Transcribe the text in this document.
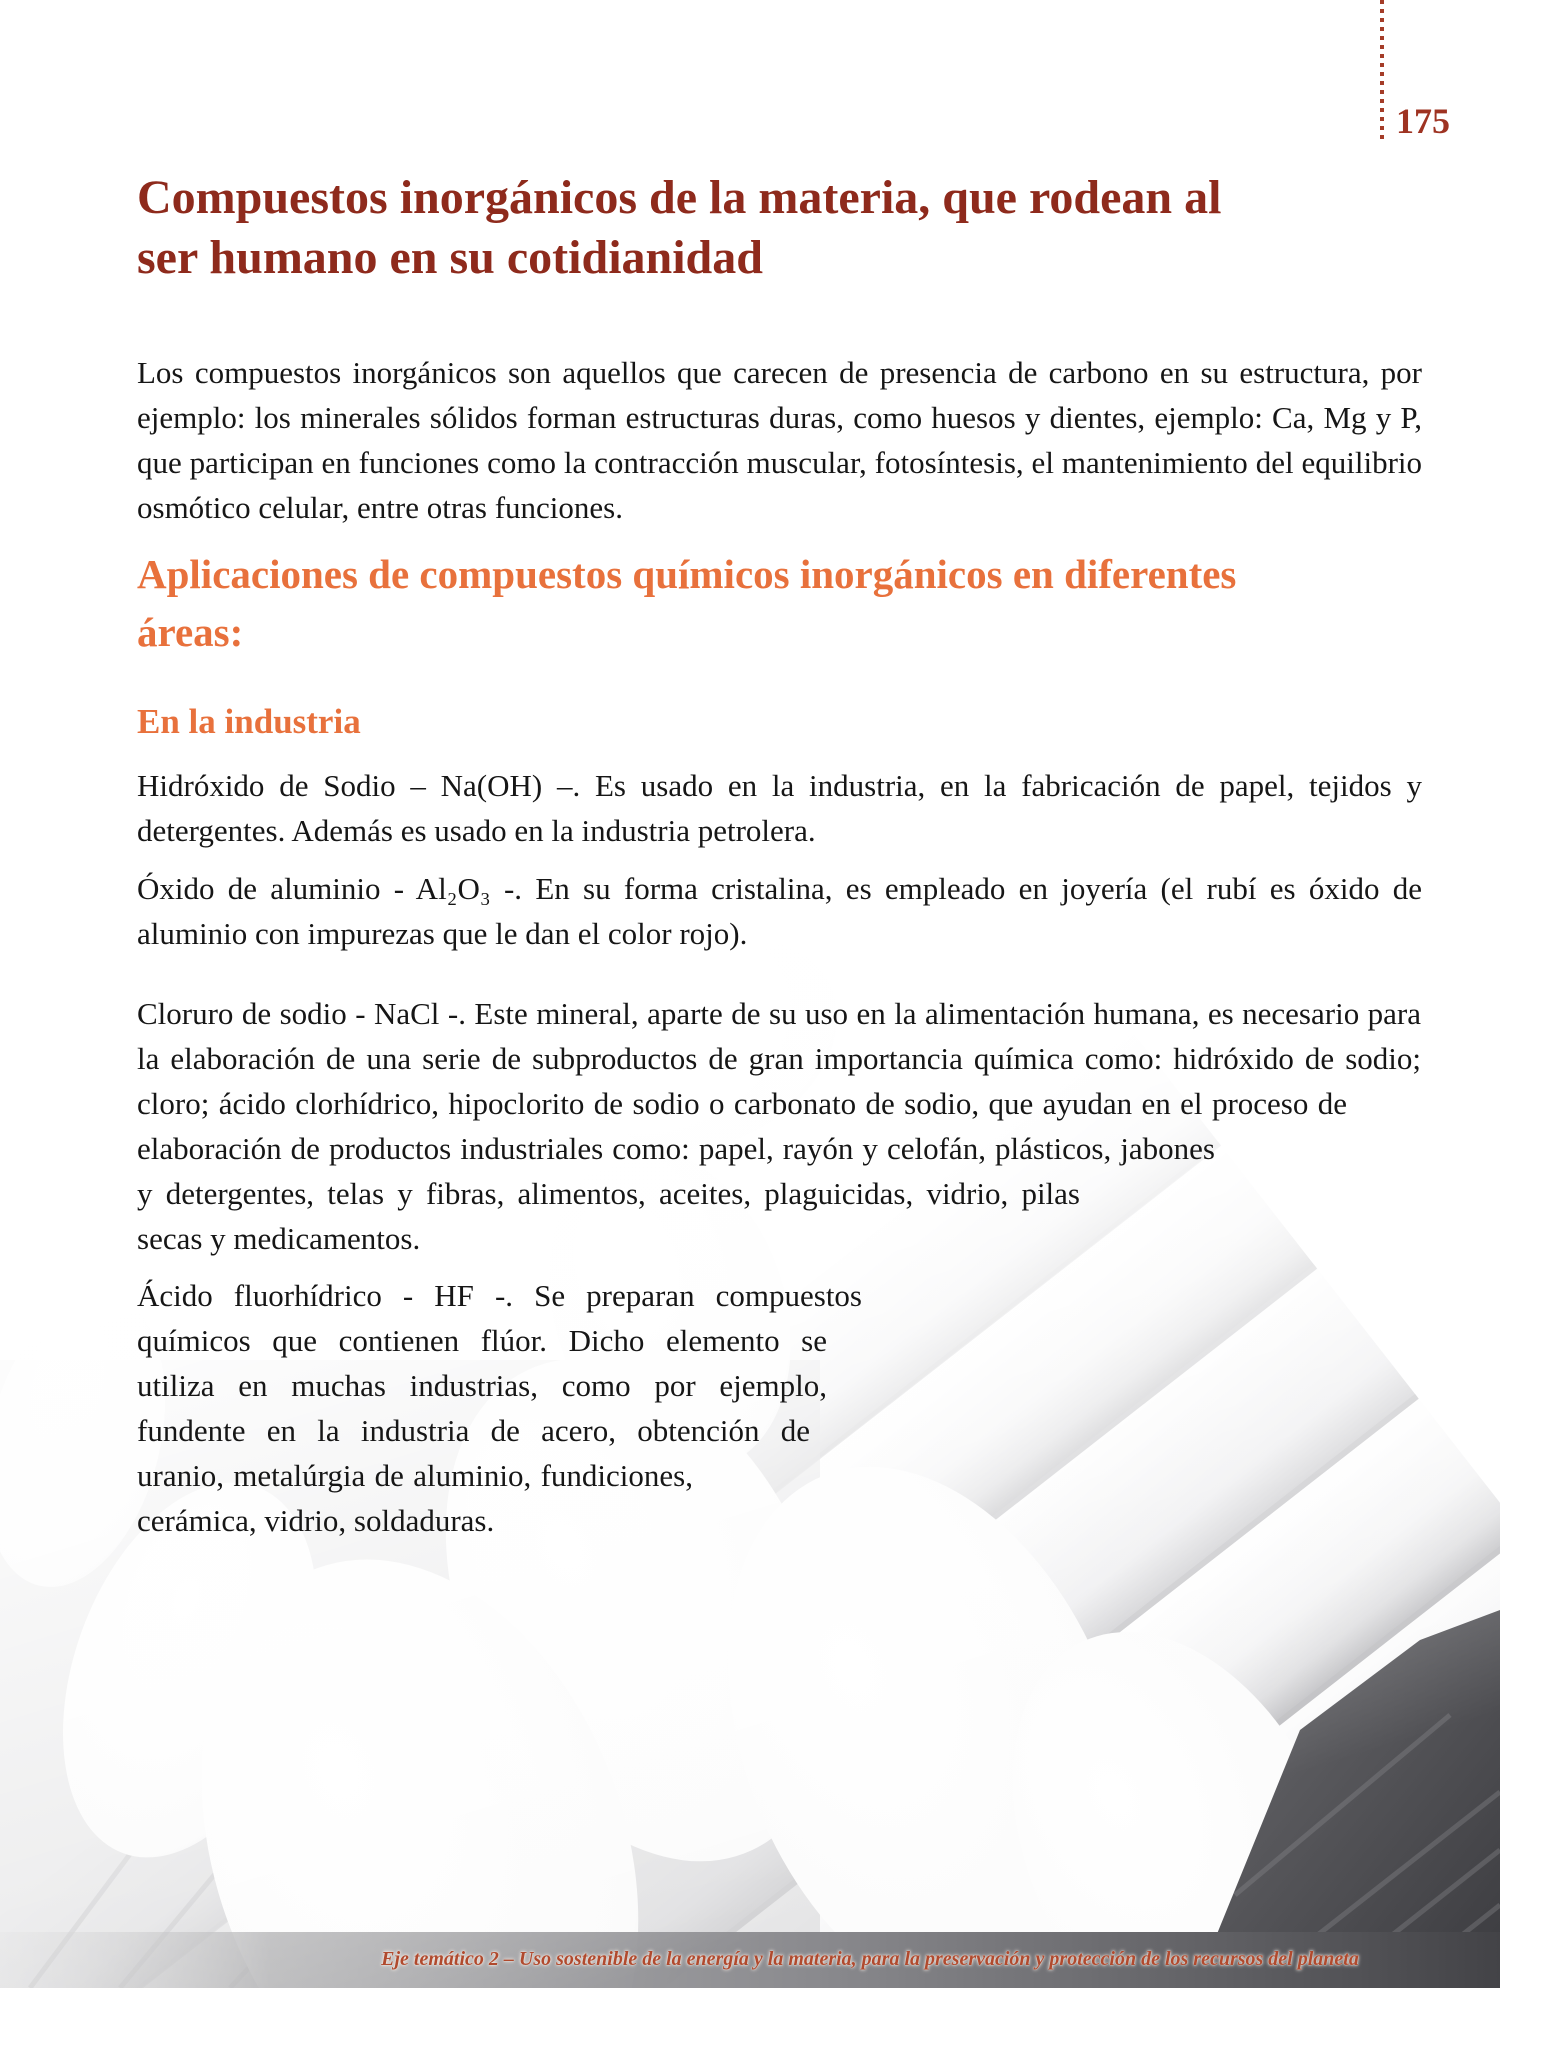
175
Compuestos inorgánicos de la materia, que rodean al ser humano en su cotidianidad

Los compuestos inorgánicos son aquellos que carecen de presencia de carbono en su estructura, por ejemplo: los minerales sólidos forman estructuras duras, como huesos y dientes, ejemplo: Ca, Mg y P, que participan en funciones como la contracción muscular, fotosíntesis, el mantenimiento del equilibrio osmótico celular, entre otras funciones.

Aplicaciones de compuestos químicos inorgánicos en diferentes áreas:
En la industria

Hidróxido de Sodio – Na(OH) –. Es usado en la industria, en la fabricación de papel, tejidos y detergentes. Además es usado en la industria petrolera.

Óxido de aluminio - Al₂O₃ -. En su forma cristalina, es empleado en joyería (el rubí es óxido de aluminio con impurezas que le dan el color rojo).

Cloruro de sodio - NaCl -. Este mineral, aparte de su uso en la alimentación humana, es necesario para la elaboración de una serie de subproductos de gran importancia química como: hidróxido de sodio; cloro; ácido clorhídrico, hipoclorito de sodio o carbonato de sodio, que ayudan en el proceso de elaboración de productos industriales como: papel, rayón y celofán, plásticos, jabones y detergentes, telas y fibras, alimentos, aceites, plaguicidas, vidrio, pilas secas y medicamentos.

Ácido fluorhídrico - HF -. Se preparan compuestos químicos que contienen flúor. Dicho elemento se utiliza en muchas industrias, como por ejemplo, fundente en la industria de acero, obtención de uranio, metalúrgia de aluminio, fundiciones, cerámica, vidrio, soldaduras.

Eje temático 2 – Uso sostenible de la energía y la materia, para la preservación y protección de los recursos del planeta
